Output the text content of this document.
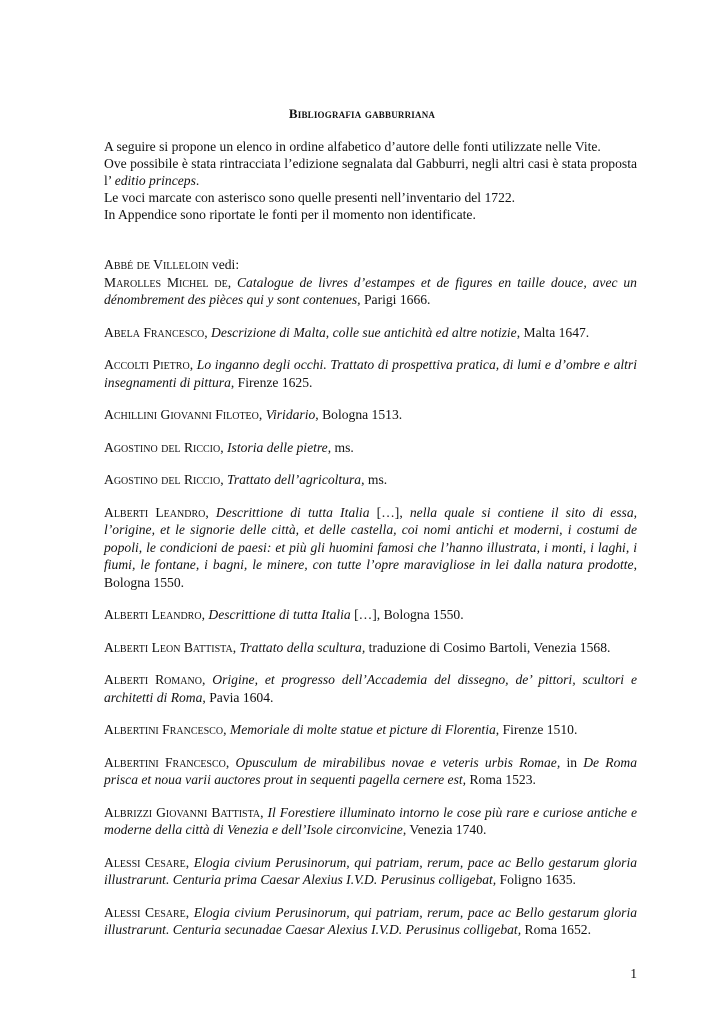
Bibliografia gabburriana

A seguire si propone un elenco in ordine alfabetico d’autore delle fonti utilizzate nelle Vite.

Ove possibile è stata rintracciata l’edizione segnalata dal Gabburri, negli altri casi è stata proposta l’ editio princeps.

Le voci marcate con asterisco sono quelle presenti nell’inventario del 1722.

In Appendice sono riportate le fonti per il momento non identificate.

Abbé de Villeloin vedi:
Marolles Michel de, Catalogue de livres d’estampes et de figures en taille douce, avec un dénombrement des pièces qui y sont contenues, Parigi 1666.
Abela Francesco, Descrizione di Malta, colle sue antichità ed altre notizie, Malta 1647.
Accolti Pietro, Lo inganno degli occhi. Trattato di prospettiva pratica, di lumi e d’ombre e altri insegnamenti di pittura, Firenze 1625.
Achillini Giovanni Filoteo, Viridario, Bologna 1513.
Agostino del Riccio, Istoria delle pietre, ms.
Agostino del Riccio, Trattato dell’agricoltura, ms.
Alberti Leandro, Descrittione di tutta Italia […], nella quale si contiene il sito di essa, l’origine, et le signorie delle città, et delle castella, coi nomi antichi et moderni, i costumi de popoli, le condicioni de paesi: et più gli huomini famosi che l’hanno illustrata, i monti, i laghi, i fiumi, le fontane, i bagni, le minere, con tutte l’opre maravigliose in lei dalla natura prodotte, Bologna 1550.
Alberti Leandro, Descrittione di tutta Italia […], Bologna 1550.
Alberti Leon Battista, Trattato della scultura, traduzione di Cosimo Bartoli, Venezia 1568.
Alberti Romano, Origine, et progresso dell’Accademia del dissegno, de’ pittori, scultori e architetti di Roma, Pavia 1604.
Albertini Francesco, Memoriale di molte statue et picture di Florentia, Firenze 1510.
Albertini Francesco, Opusculum de mirabilibus novae e veteris urbis Romae, in De Roma prisca et noua varii auctores prout in sequenti pagella cernere est, Roma 1523.
Albrizzi Giovanni Battista, Il Forestiere illuminato intorno le cose più rare e curiose antiche e moderne della città di Venezia e dell’Isole circonvicine, Venezia 1740.
Alessi Cesare, Elogia civium Perusinorum, qui patriam, rerum, pace ac Bello gestarum gloria illustrarunt. Centuria prima Caesar Alexius I.V.D. Perusinus colligebat, Foligno 1635.
Alessi Cesare, Elogia civium Perusinorum, qui patriam, rerum, pace ac Bello gestarum gloria illustrarunt. Centuria secunadae Caesar Alexius I.V.D. Perusinus colligebat, Roma 1652.
1
